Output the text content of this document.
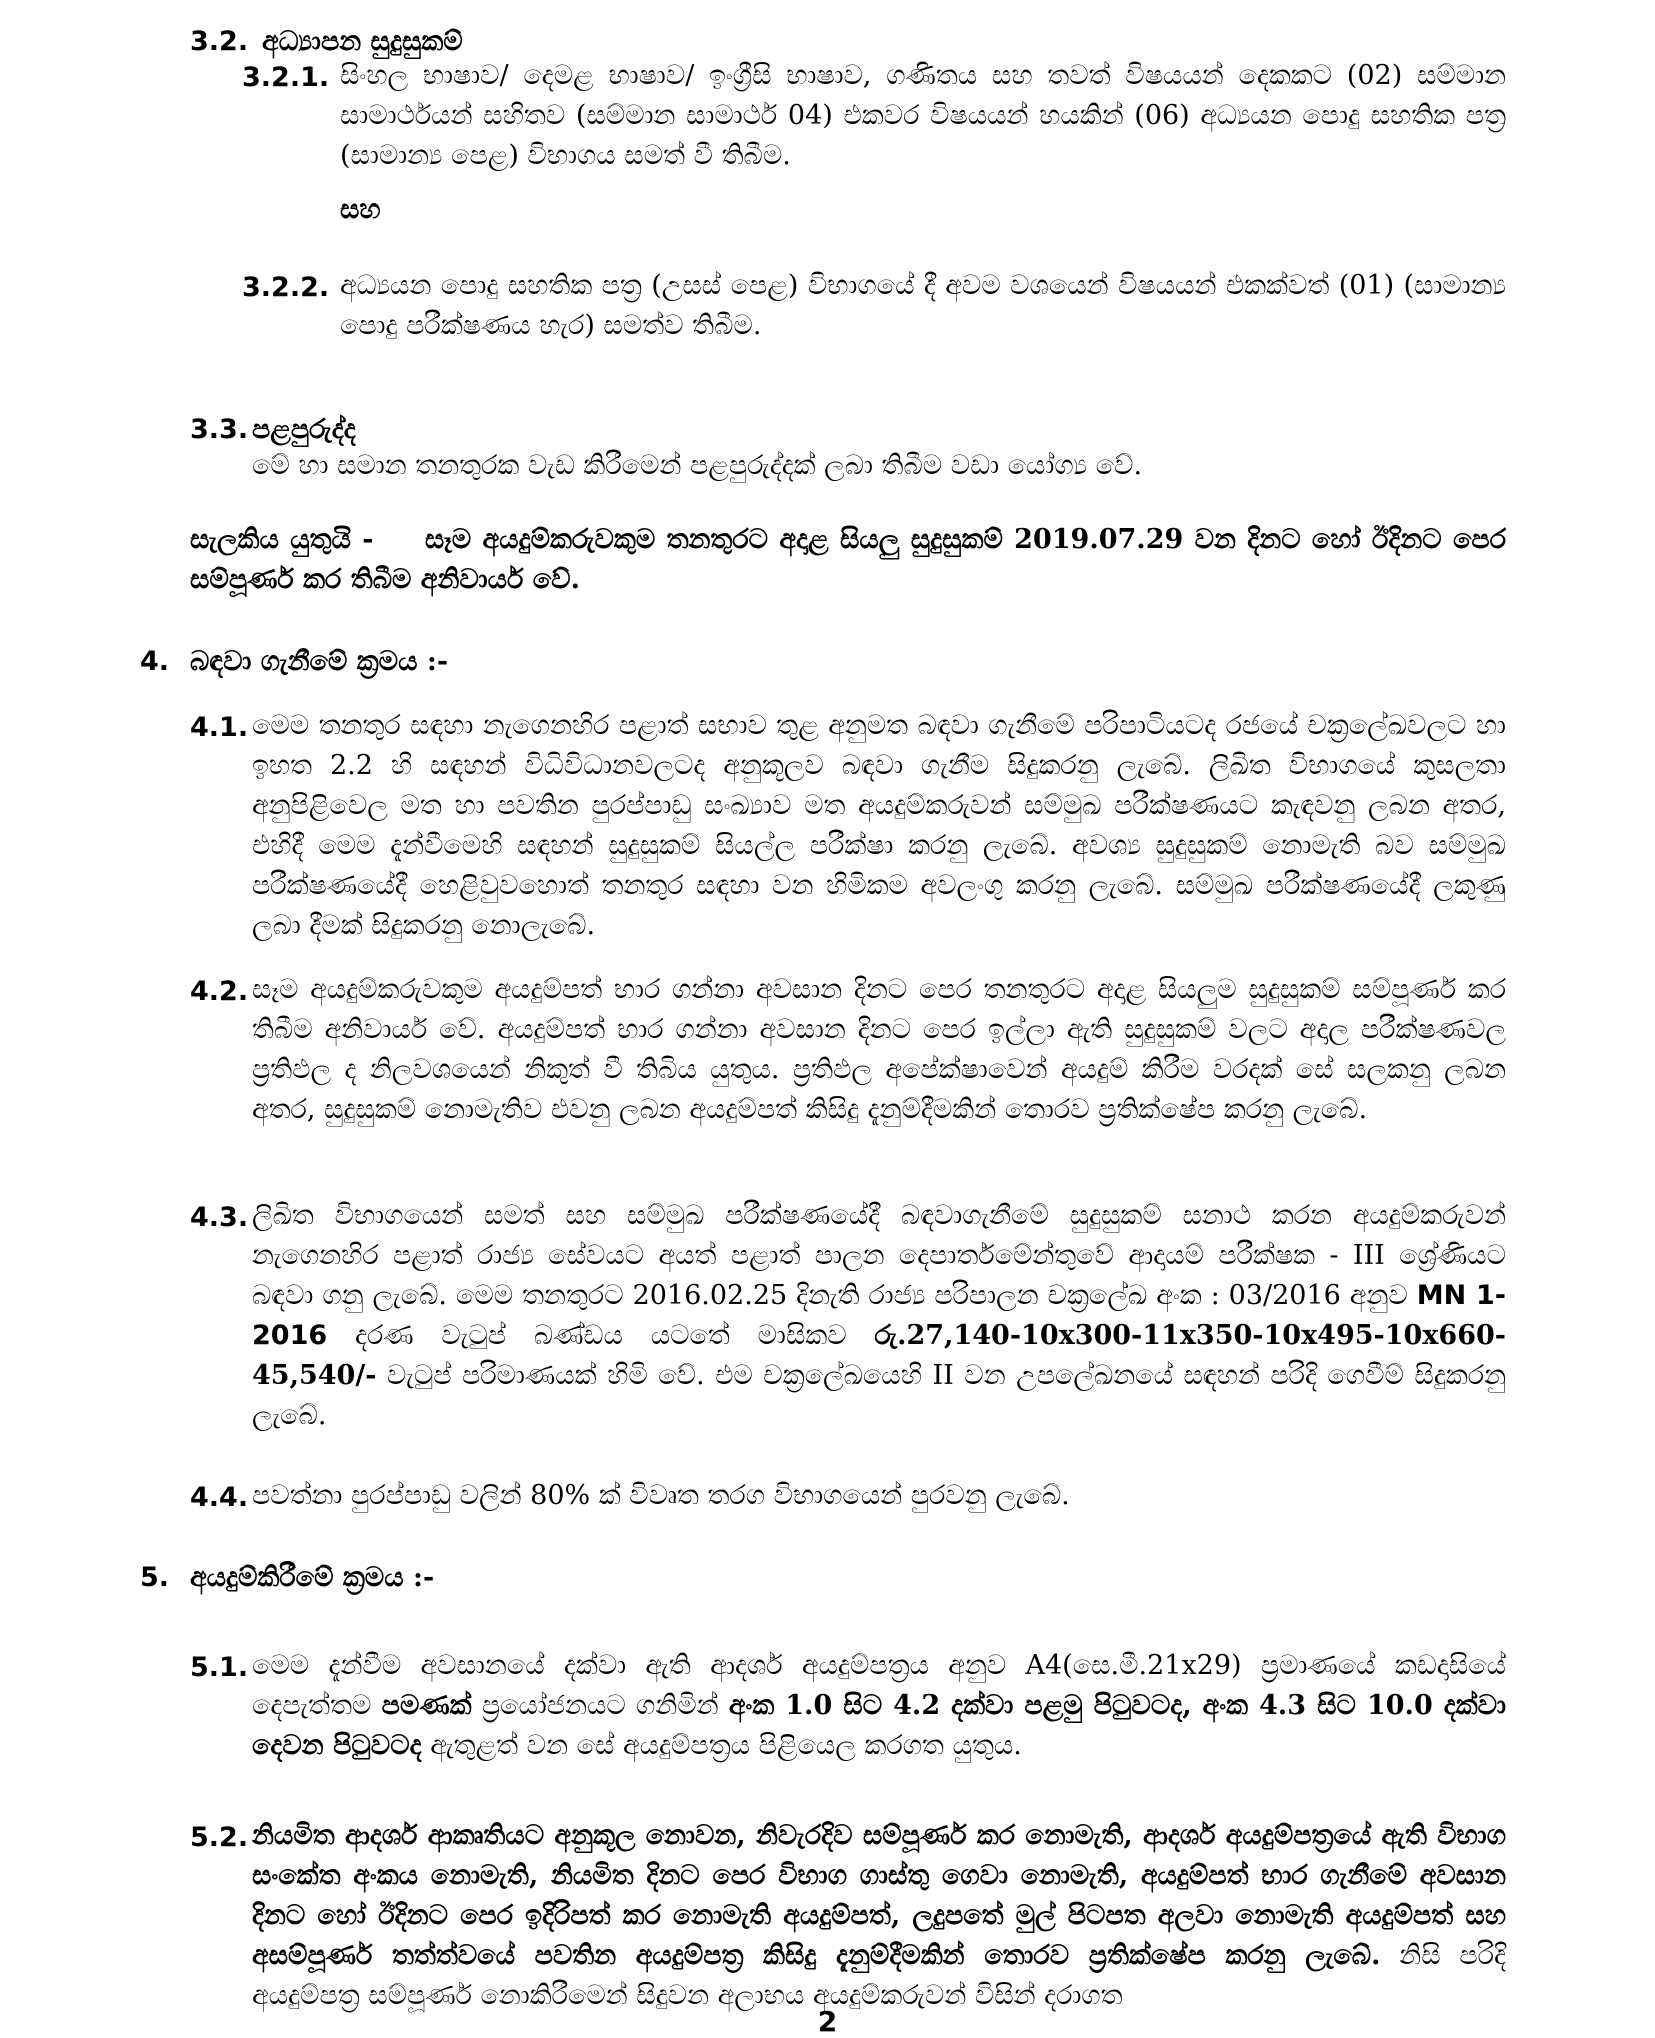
3.2. අධ්‍යාපන සුදුසුකම්
3.2.1. සිංහල භාෂාව/ දෙමළ භාෂාව/ ඉංග්‍රීසි භාෂාව, ගණිතය සහ තවත් විෂයයන් දෙකකට (02) සම්මාන සාමාර්ථයන් සහිතව (සම්මාන සාමාර්ථ 04) එකවර විෂයයන් හයකින් (06) අධ්‍යයන පොදු සහතික පත්‍ර (සාමාන්‍ය පෙළ) විභාගය සමත් වී තිබීම.
සහ
3.2.2. අධ්‍යයන පොදු සහතික පත්‍ර (උසස් පෙළ) විභාගයේ දී අවම වශයෙන් විෂයයන් එකක්වත් (01) (සාමාන්‍ය පොදු පරීක්ෂණය හැර) සමත්ව තිබීම.
3.3. පළපුරුද්ද
මේ හා සමාන තනතුරක වැඩ කිරීමෙන් පළපුරුද්දක් ලබා තිබීම වඩා යෝග්‍ය වේ.
සැලකිය යුතුයි - සෑම අයදුම්කරුවකුම තනතුරට අදාළ සියලු සුදුසුකම් 2019.07.29 වන දිනට හෝ ඊදිනට පෙර සම්පූර්ණ කර තිබීම අනිවාර්ය වේ.
4. බඳවා ගැනීමේ ක්‍රමය :-
4.1. මෙම තනතුර සඳහා නැගෙනහිර පළාත් සභාව තුළ අනුමත බඳවා ගැනීමේ පරිපාටියටද රජයේ චක්‍රලේඛවලට හා ඉහත 2.2 හි සඳහන් විධිවිධානවලටද අනුකූලව බඳවා ගැනීම සිදුකරනු ලැබේ. ලිඛිත විභාගයේ කුසලතා අනුපිළිවෙල මත හා පවතින පුරප්පාඩු සංඛ්‍යාව මත අයදුම්කරුවන් සම්මුඛ පරීක්ෂණයට කැඳවනු ලබන අතර, එහිදී මෙම දැන්වීමෙහි සඳහන් සුදුසුකම් සියල්ල පරීක්ෂා කරනු ලැබේ. අවශ්‍ය සුදුසුකම් නොමැති බව සම්මුඛ පරීක්ෂණයේදී හෙළිවුවහොත් තනතුර සඳහා වන හිමිකම අවලංගු කරනු ලැබේ. සම්මුඛ පරීක්ෂණයේදී ලකුණු ලබා දීමක් සිදුකරනු නොලැබේ.
4.2. සෑම අයදුම්කරුවකුම අයදුම්පත් භාර ගන්නා අවසාන දිනට පෙර තනතුරට අදාළ සියලුම සුදුසුකම් සම්පූර්ණ කර තිබීම අනිවාර්ය වේ. අයදුම්පත් භාර ගන්නා අවසාන දිනට පෙර ඉල්ලා ඇති සුදුසුකම් වලට අදාල පරීක්ෂණවල ප්‍රතිඵල ද නිලවශයෙන් නිකුත් වී තිබිය යුතුය. ප්‍රතිඵල අපේක්ෂාවෙන් අයදුම් කිරීම වරදක් සේ සලකනු ලබන අතර, සුදුසුකම් නොමැතිව එවනු ලබන අයදුම්පත් කිසිදු දැනුම්දීමකින් තොරව ප්‍රතික්ෂේප කරනු ලැබේ.
4.3. ලිඛිත විභාගයෙන් සමත් සහ සම්මුඛ පරීක්ෂණයේදී බඳවාගැනීමේ සුදුසුකම් සනාථ කරන අයදුම්කරුවන් නැගෙනහිර පළාත් රාජ්‍ය සේවයට අයත් පළාත් පාලන දෙපාර්තමේන්තුවේ ආදායම් පරීක්ෂක - III ශ්‍රේණියට බඳවා ගනු ලැබේ. මෙම තනතුරට 2016.02.25 දිනැති රාජ්‍ය පරිපාලන චක්‍රලේඛ අංක : 03/2016 අනුව MN 1-2016 දරණ වැටුප් බණ්ඩය යටතේ මාසිකව රු.27,140-10x300-11x350-10x495-10x660-45,540/- වැටුප් පරිමාණයක් හිමි වේ. එම චක්‍රලේඛයෙහි II වන උපලේඛනයේ සඳහන් පරිදි ගෙවීම් සිදුකරනු ලැබේ.
4.4. පවත්නා පුරප්පාඩු වලින් 80% ක් විවෘත තරග විභාගයෙන් පුරවනු ලැබේ.
5. අයදුම්කිරීමේ ක්‍රමය :-
5.1. මෙම දැන්වීම අවසානයේ දක්වා ඇති ආදර්ශ අයදුම්පත්‍රය අනුව A4(සෙ.මී.21x29) ප්‍රමාණයේ කඩදාසියේ දෙපැත්තම පමණක් ප්‍රයෝජනයට ගනිමින් අංක 1.0 සිට 4.2 දක්වා පළමු පිටුවටද, අංක 4.3 සිට 10.0 දක්වා දෙවන පිටුවටද ඇතුළත් වන සේ අයදුම්පත්‍රය පිළියෙල කරගත යුතුය.
5.2. නියමිත ආදර්ශ ආකෘතියට අනුකූල නොවන, නිවැරදිව සම්පූර්ණ කර නොමැති, ආදර්ශ අයදුම්පත්‍රයේ ඇති විභාග සංකේත අංකය නොමැති, නියමිත දිනට පෙර විභාග ගාස්තු ගෙවා නොමැති, අයදුම්පත් භාර ගැනීමේ අවසාන දිනට හෝ ඊදිනට පෙර ඉදිරිපත් කර නොමැති අයදුම්පත්, ලදුපතේ මුල් පිටපත අලවා නොමැති අයදුම්පත් සහ අසම්පූර්ණ තත්ත්වයේ පවතින අයදුම්පත්‍ර කිසිදු දැනුම්දීමකින් තොරව ප්‍රතික්ෂේප කරනු ලැබේ. නිසි පරිදි අයදුම්පත්‍ර සම්පූර්ණ නොකිරීමෙන් සිදුවන අලාභය අයදුම්කරුවන් විසින් දරාගත
2
